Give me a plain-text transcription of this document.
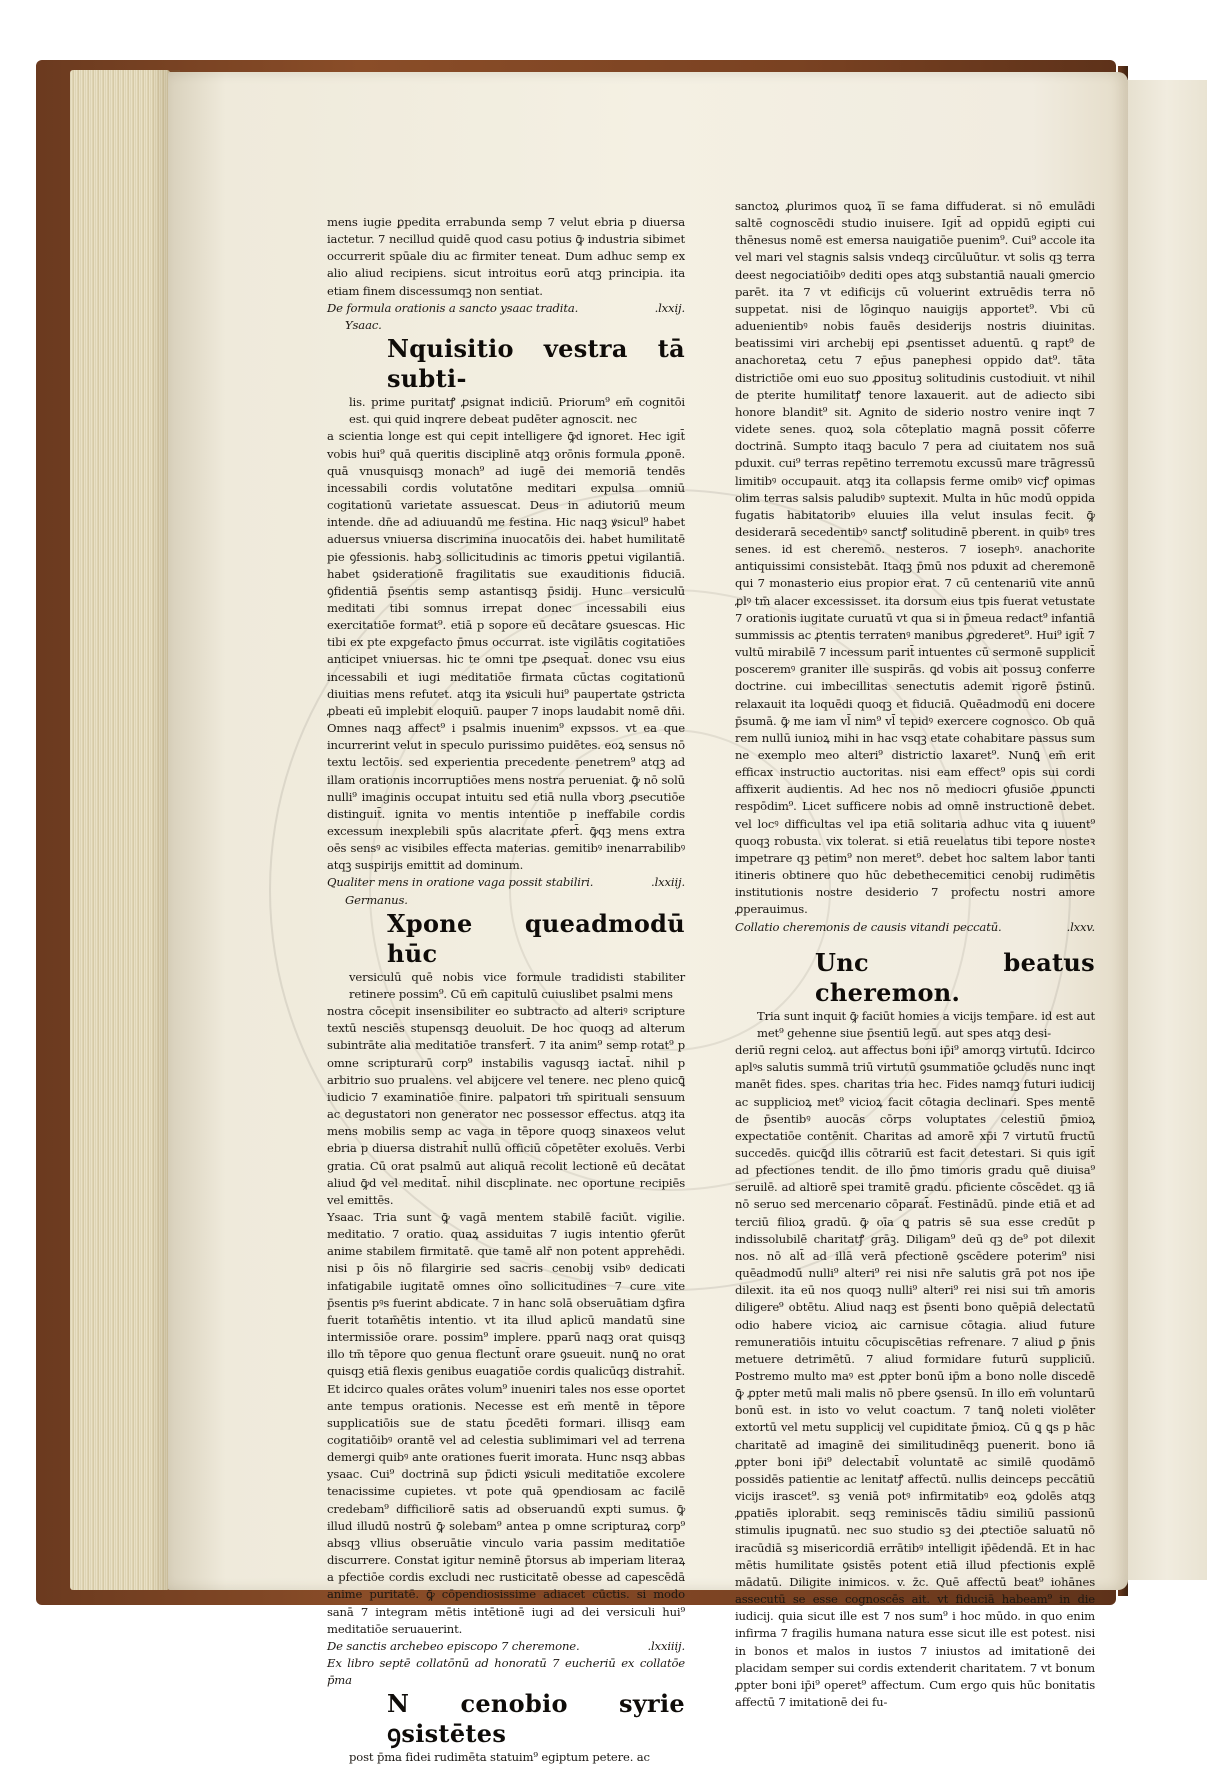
mens iugie ꝑpedita errabunda semp 7 velut ebria p diuersa iactetur. 7 necillud quidē quod casu potius ꝙ̄ industria sibimet occurrerit spūale diu ac firmiter teneat. Dum adhuc semp ex alio aliud recipiens. sicut introitus eorū atqꝫ principia. ita etiam finem discessumqꝫ non sentiat.

De formula orationis a sancto ysaac tradita.	.lxxij.
Ysaac.
Nquisitio vestra tā subti-

lis. prime puritatꝭ ꝓsignat indiciū. Priorum⁹ em̄ cognitōi est. qui quid inqrere debeat pudēter agnoscit. nec

a scientia longe est qui cepit intelligere ꝙ̄d ignoret. Hec igit̄ vobis hui⁹ quā queritis disciplinē atqꝫ orōnis formula ꝓponē. quā vnusquisqꝫ monach⁹ ad iugē dei memoriā tendēs incessabili cordis volutatōne meditari expulsa omniū cogitationū varietate assuescat. Deus in adiutoriū meum intende. dn̄e ad adiuuandū me festina. Hic naqꝫ ꝟsicul⁹ habet aduersus vniuersa discrimina inuocatōis dei. habet humilitatē pie ꝯfessionis. habꝫ sollicitudinis ac timoris ꝑpetui vigilantiā. habet ꝯsiderationē fragilitatis sue exauditionis fiduciā. ꝯfidentiā p̄sentis semp astantisqꝫ p̄sidij. Hunc versiculū meditati tibi somnus irrepat donec incessabili eius exercitatiōe format⁹. etiā p sopore eū decātare ꝯsuescas. Hic tibi ex pte expgefacto p̄mus occurrat. iste vigilātis cogitatiōes anticipet vniuersas. hic te omni tpe ꝓsequat̄. donec vsu eius incessabili et iugi meditatiōe firmata cūctas cogitationū diuitias mens refutet. atqꝫ ita ꝟsiculi hui⁹ paupertate ꝯstricta ꝓbeati eū implebit eloquiū. pauper 7 inops laudabit nomē dn̄i. Omnes naqꝫ affect⁹ i psalmis inuenim⁹ expssos. vt ea que incurrerint velut in speculo purissimo puidētes. eoꝝ sensus nō textu lectōis. sed experientia precedente penetrem⁹ atqꝫ ad illam orationis incorruptiōes mens nostra perueniat. ꝙ̄ nō solū nulli⁹ imaginis occupat intuitu sed etiā nulla vborꝫ ꝓsecutiōe distinguit̄. ignita vo mentis intentiōe p ineffabile cordis excessum inexplebili spūs alacritate ꝓfert̄. ꝙ̄qꝫ mens extra oēs sensꝰ ac visibiles effecta materias. gemitibꝰ inenarrabilibꝰ atqꝫ suspirijs emittit ad dominum.

Qualiter mens in oratione vaga possit stabiliri.	.lxxiij.
Germanus.
Xpone queadmodū hūc

versiculū quē nobis vice formule tradidisti stabiliter retinere possim⁹. Cū em̄ capitulū cuiuslibet psalmi mens

nostra cōcepit insensibiliter eo subtracto ad alteriꝰ scripture textū nesciēs stupensqꝫ deuoluit. De hoc quoqꝫ ad alterum subintrāte alia meditatiōe transfert̄. 7 ita anim⁹ semp rotat⁹ p omne scripturarū corp⁹ instabilis vagusqꝫ iactat̄. nihil p arbitrio suo prualens. vel abijcere vel tenere. nec pleno quicꝗ̄ iudicio 7 examinatiōe finire. palpatori tm̄ spirituali sensuum ac degustatori non generator nec possessor effectus. atqꝫ ita mens mobilis semp ac vaga in tēpore quoqꝫ sinaxeos velut ebria p diuersa distrahit̄ nullū officiū cōpetēter exoluēs. Verbi gratia. Cū orat psalmū aut aliquā recolit lectionē eū decātat aliud ꝙ̄d vel meditat̄. nihil discplinate. nec oportune recipiēs vel emittēs.

Ysaac. Tria sunt ꝙ̄ vagā mentem stabilē faciūt. vigilie. meditatio. 7 oratio. quaꝝ assiduitas 7 iugis intentio ꝯferūt anime stabilem firmitatē. que tamē alr̄ non potent apprehēdi. nisi p ōis nō filargirie sed sacris cenobij vsibꝰ dedicati infatigabile iugitatē omnes oīno sollicitudines 7 cure vite p̄sentis pꝰs fuerint abdicate. 7 in hanc solā obseruātiam dꝫfira fuerit totam̄ētis intentio. vt ita illud aplicū mandatū sine intermissiōe orare. possim⁹ implere. pparū naqꝫ orat quisqꝫ illo tm̄ tēpore quo genua flectunt̄ orare ꝯsueuit. nunꝗ̄ no orat quisqꝫ etiā flexis genibus euagatiōe cordis qualicūqꝫ distrahit̄. Et idcirco quales orātes volum⁹ inueniri tales nos esse oportet ante tempus orationis. Necesse est em̄ mentē in tēpore supplicatiōis sue de statu p̄cedēti formari. illisqꝫ eam cogitatiōibꝰ orantē vel ad celestia sublimimari vel ad terrena demergi quibꝰ ante orationes fuerit imorata. Hunc nsqꝫ abbas ysaac. Cui⁹ doctrinā sup p̄dicti ꝟsiculi meditatiōe excolere tenacissime cupietes. vt pote quā ꝯpendiosam ac facilē credebam⁹ difficiliorē satis ad obseruandū expti sumus. ꝙ̄ illud illudū nostrū ꝙ̄ solebam⁹ antea p omne scripturaꝝ corp⁹ absqꝫ vllius obseruātie vinculo varia passim meditatiōe discurrere. Constat igitur neminē p̄torsus ab imperiam literaꝝ a pfectiōe cordis excludi nec rusticitatē obesse ad capescēdā anime puritatē. ꝙ̄ cōpendiosissime adiacet cūctis. si modo sanā 7 integram mētis intētionē iugi ad dei versiculi hui⁹ meditatiōe seruauerint.

De sanctis archebeo episcopo 7 cheremone.	.lxxiiij.

Ex libro septē collatōnū ad honoratū 7 eucheriū ex collatōe p̄ma

N cenobio syrie ꝯsistētes

post p̄ma fidei rudimēta statuim⁹ egiptum petere. ac

sanctoꝝ ꝓlurimos quoꝝ īī se fama diffuderat. si nō emulādi saltē cognoscēdi studio inuisere. Igit̄ ad oppidū egipti cui thēnesus nomē est emersa nauigatiōe puenim⁹. Cui⁹ accole ita vel mari vel stagnis salsis vndeqꝫ circūluūtur. vt solis qꝫ terra deest negociatiōibꝰ dediti opes atqꝫ substantiā nauali ꝯmercio parēt. ita 7 vt edificijs cū voluerint extruēdis terra nō suppetat. nisi de lōginquo nauigijs apportet⁹. Vbi cū aduenientibꝰ nobis fauēs desiderijs nostris diuinitas. beatissimi viri archebij epi ꝓsentisset aduentū. ꝗ rapt⁹ de anachoretaꝝ cetu 7 ep̄us panephesi oppido dat⁹. tāta districtiōe omi euo suo ꝓposituꝫ solitudinis custodiuit. vt nihil de pterite humilitatꝭ tenore laxauerit. aut de adiecto sibi honore blandit⁹ sit. Agnito de siderio nostro venire inqt 7 videte senes. quoꝝ sola cōteplatio magnā possit cōferre doctrinā. Sumpto itaqꝫ baculo 7 pera ad ciuitatem nos suā pduxit. cui⁹ terras repētino terremotu excussū mare trāgressū limitibꝰ occupauit. atqꝫ ita collapsis ferme omibꝰ vicꝭ opimas olim terras salsis paludibꝰ suptexit. Multa in hūc modū oppida fugatis habitatoribꝰ eluuies illa velut insulas fecit. ꝙ̄ desiderarā secedentibꝰ sanctꝭ solitudinē pberent. in quibꝰ tres senes. id est cheremō. nesteros. 7 iosephꝰ. anachorite antiquissimi consistebāt. Itaqꝫ p̄mū nos pduxit ad cheremonē qui 7 monasterio eius propior erat. 7 cū centenariū vite annū ꝓlꝰ tm̄ alacer excessisset. ita dorsum eius tpis fuerat vetustate 7 orationis iugitate curuatū vt qua si in p̄meua redact⁹ infantiā summissis ac ꝓtentis terratenꝰ manibus ꝓgrederet⁹. Hui⁹ igit̄ 7 vultū mirabilē 7 incessum parit̄ intuentes cū sermonē supplicit̄ posceremꝰ graniter ille suspirās. ꝗd vobis ait possuꝫ conferre doctrine. cui imbecillitas senectutis ademit rigorē p̄stinū. relaxauit ita loquēdi quoqꝫ et fiduciā. Quēadmodū eni docere p̄sumā. ꝙ̄ me iam vl̄ nim⁹ vl̄ tepidꝰ exercere cognosco. Ob quā rem nullū iunioꝝ mihi in hac vsqꝫ etate cohabitare passus sum ne exemplo meo alteri⁹ districtio laxaret⁹. Nunꝗ̄ em̄ erit efficax instructio auctoritas. nisi eam effect⁹ opis sui cordi affixerit audientis. Ad hec nos nō mediocri ꝯfusiōe ꝓpuncti respōdim⁹. Licet sufficere nobis ad omnē instructionē debet. vel locꝰ difficultas vel ipa etiā solitaria adhuc vita ꝗ iuuent⁹ quoqꝫ robusta. vix tolerat. si etiā reuelatus tibi tepore nosteꝛ impetrare qꝫ petim⁹ non meret⁹. debet hoc saltem labor tanti itineris obtinere quo hūc debethecemitici cenobij rudimētis institutionis nostre desiderio 7 profectu nostri amore ꝓperauimus.

Collatio cheremonis de causis vitandi peccatū.	.lxxv.
Unc beatus cheremon.

Tria sunt inquit ꝙ̄ faciūt homies a vicijs temp̄are. id est aut met⁹ gehenne siue p̄sentiū legū. aut spes atqꝫ desi-

deriū regni celoꝝ. aut affectus boni ip̄i⁹ amorqꝫ virtutū. Idcirco aplꝰs salutis summā triū virtutū ꝯsummatiōe ꝯcludēs nunc inqt manēt fides. spes. charitas tria hec. Fides namqꝫ futuri iudicij ac supplicioꝝ met⁹ vicioꝝ facit cōtagia declinari. Spes mentē de p̄sentibꝰ auocās cōrps voluptates celestiū p̄mioꝝ expectatiōe contēnit. Charitas ad amorē xp̄i 7 virtutū fructū succedēs. quicꝗ̄d illis cōtrariū est facit detestari. Si quis igit̄ ad pfectiones tendit. de illo p̄mo timoris gradu quē diuisa⁹ seruilē. ad altiorē spei tramitē gradu. pficiente cōscēdet. qꝫ iā nō seruo sed mercenario cōparat̄. Festinādū. pinde etiā et ad terciū filioꝝ gradū. ꝙ̄ oīa ꝗ patris sē sua esse credūt p indissolubilē charitatꝭ grāꝫ. Diligam⁹ deū qꝫ de⁹ pot dilexit nos. nō alt̄ ad illā verā pfectionē ꝯscēdere poterim⁹ nisi quēadmodū nulli⁹ alteri⁹ rei nisi nr̄e salutis grā pot nos ip̄e dilexit. ita eū nos quoqꝫ nulli⁹ alteri⁹ rei nisi sui tm̄ amoris diligere⁹ obtētu. Aliud naqꝫ est p̄senti bono quēpiā delectatū odio habere vicioꝝ aic carnisue cōtagia. aliud future remuneratiōis intuitu cōcupiscētias refrenare. 7 aliud ꝑ p̄nis metuere detrimētū. 7 aliud formidare futurū suppliciū. Postremo multo maꝰ est ꝓpter bonū ip̄m a bono nolle discedē ꝙ̄ ꝓpter metū mali malis nō pbere ꝯsensū. In illo em̄ voluntarū bonū est. in isto vo velut coactum. 7 tanꝗ̄ noleti violēter extortū vel metu supplicij vel cupiditate p̄mioꝝ. Cū ꝗ ꝗs p hāc charitatē ad imaginē dei similitudinēqꝫ puenerit. bono iā ꝓpter boni ip̄i⁹ delectabit̄ voluntatē ac similē quodāmō possidēs patientie ac lenitatꝭ affectū. nullis deinceps peccātiū vicijs irascet⁹. sꝫ veniā potꝰ infirmitatibꝰ eoꝝ ꝯdolēs atqꝫ ꝓpatiēs iplorabit. seqꝫ reminiscēs tādiu similiū passionū stimulis ipugnatū. nec suo studio sꝫ dei ꝓtectiōe saluatū nō iracūdiā sꝫ misericordiā errātibꝰ intelligit ip̄ēdendā. Et in hac mētis humilitate ꝯsistēs potent etiā illud pfectionis explē mādatū. Diligite inimicos. v. z̄c. Quē affectū beat⁹ iohānes assecutū se esse cognoscēs ait. vt fiduciā habeam⁹ in die iudicij. quia sicut ille est 7 nos sum⁹ i hoc mūdo. in quo enim infirma 7 fragilis humana natura esse sicut ille est potest. nisi in bonos et malos in iustos 7 iniustos ad imitationē dei placidam semper sui cordis extenderit charitatem. 7 vt bonum ꝓpter boni ip̄i⁹ operet⁹ affectum. Cum ergo quis hūc bonitatis affectū 7 imitationē dei fu-
